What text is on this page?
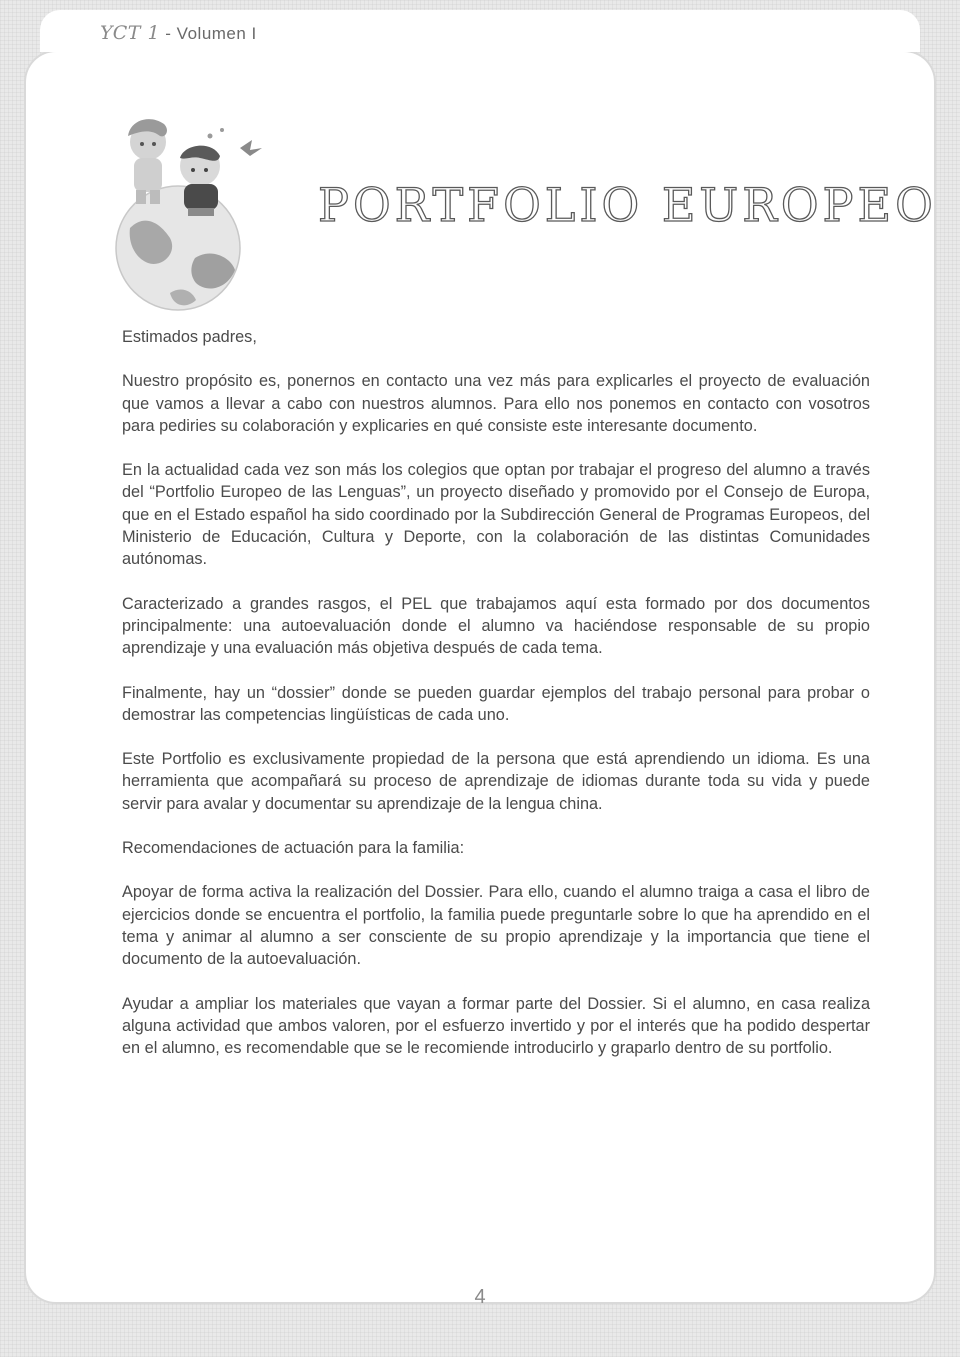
YCT 1 - Volumen I
PORTFOLIO EUROPEO

Estimados padres,

Nuestro propósito es, ponernos en contacto una vez más para explicarles el proyecto de evaluación que vamos a llevar a cabo con nuestros alumnos. Para ello nos ponemos en contacto con vosotros para pediries su colaboración y explicaries en qué consiste este interesante documento.

En la actualidad cada vez son más los colegios que optan por trabajar el progreso del alumno a través del “Portfolio Europeo de las Lenguas”, un proyecto diseñado y promovido por el Consejo de Europa, que en el Estado español ha sido coordinado por la Subdirección General de Programas Europeos, del Ministerio de Educación, Cultura y Deporte, con la colaboración de las distintas Comunidades autónomas.

Caracterizado a grandes rasgos, el PEL que trabajamos aquí esta formado por dos documentos principalmente: una autoevaluación donde el alumno va haciéndose responsable de su propio aprendizaje y una evaluación más objetiva después de cada tema.

Finalmente, hay un “dossier” donde se pueden guardar ejemplos del trabajo personal para probar o demostrar las competencias lingüísticas de cada uno.

Este Portfolio es exclusivamente propiedad de la persona que está aprendiendo un idioma. Es una herramienta que acompañará su proceso de aprendizaje de idiomas durante toda su vida y puede servir para avalar y documentar su aprendizaje de la lengua china.

Recomendaciones de actuación para la familia:

Apoyar de forma activa la realización del Dossier. Para ello, cuando el alumno traiga a casa el libro de ejercicios donde se encuentra el portfolio, la familia puede preguntarle sobre lo que ha aprendido en el tema y animar al alumno a ser consciente de su propio aprendizaje y la importancia que tiene el documento de la autoevaluación.

Ayudar a ampliar los materiales que vayan a formar parte del Dossier. Si el alumno, en casa realiza alguna actividad que ambos valoren, por el esfuerzo invertido y por el interés que ha podido despertar en el alumno, es recomendable que se le recomiende introducirlo y graparlo dentro de su portfolio.

4
